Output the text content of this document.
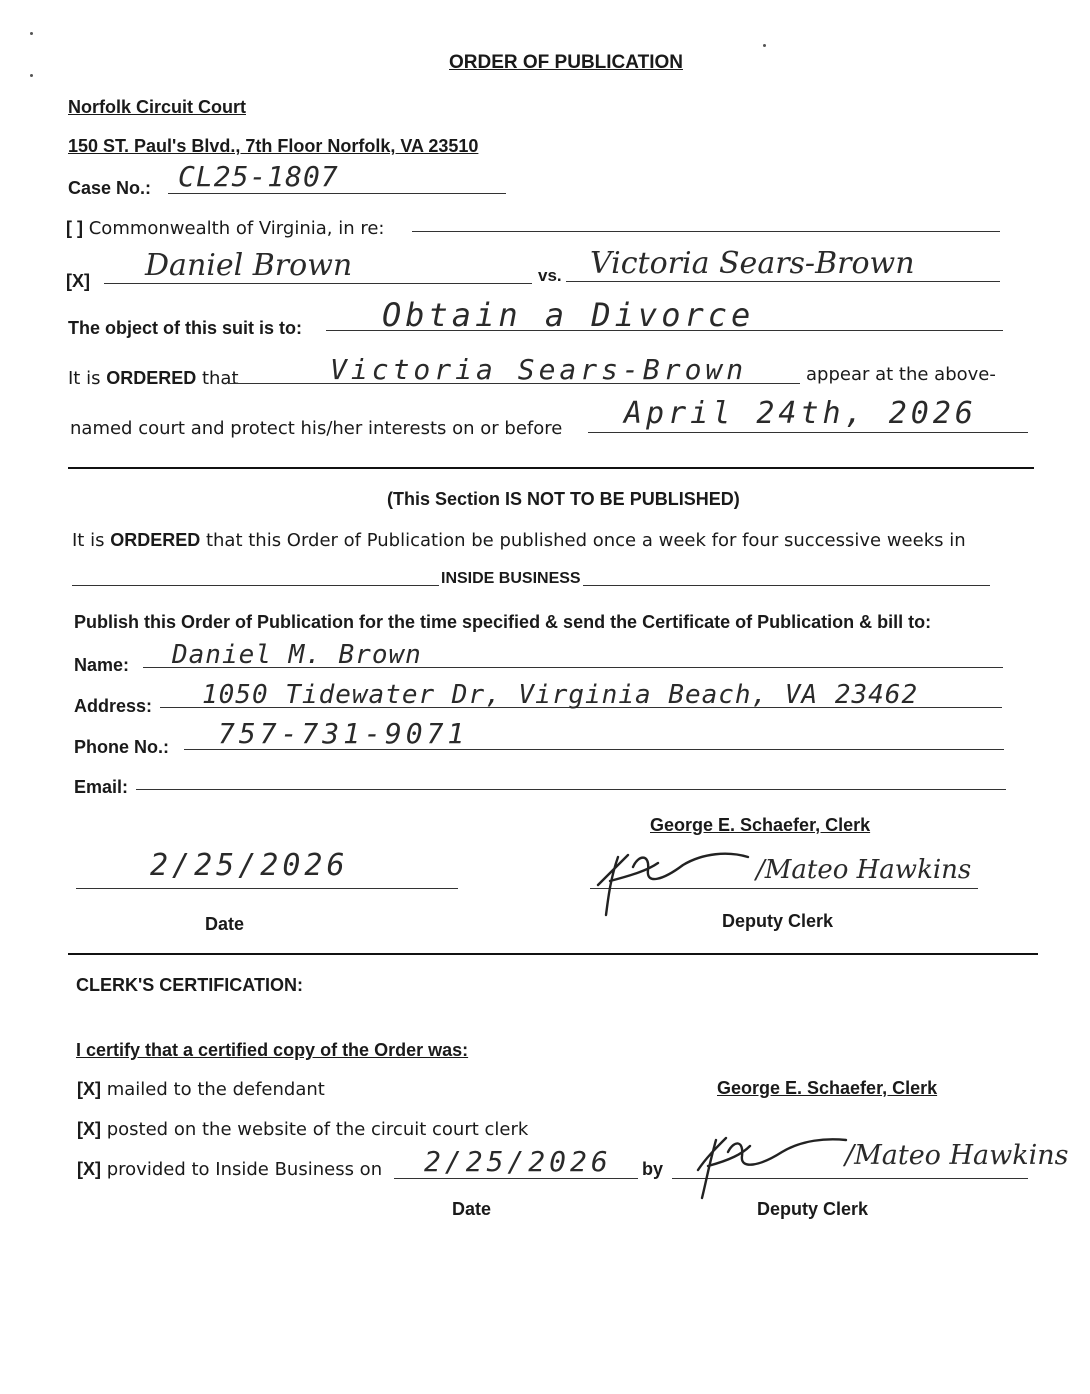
ORDER OF PUBLICATION
Norfolk Circuit Court
150 ST. Paul's Blvd., 7th Floor Norfolk, VA 23510
Case No.: CL25-1807
[ ] Commonwealth of Virginia, in re:
[X] Daniel Brown	vs. Victoria Sears-Brown
The object of this suit is to:	Obtain a Divorce
It is ORDERED that	Victoria Sears-Brown	appear at the above-
named court and protect his/her interests on or before April 24th, 2026
(This Section IS NOT TO BE PUBLISHED)
It is ORDERED that this Order of Publication be published once a week for four successive weeks in
INSIDE BUSINESS
Publish this Order of Publication for the time specified & send the Certificate of Publication & bill to:
Name: Daniel M. Brown
Address: 1050 Tidewater Dr, Virginia Beach, VA 23462
Phone No.: 757-731-9071
Email:
George E. Schaefer, Clerk
2/25/2026
Date
/Mateo Hawkins
Deputy Clerk
CLERK'S CERTIFICATION:
I certify that a certified copy of the Order was:
[X] mailed to the defendant
[X] posted on the website of the circuit court clerk
[X] provided to Inside Business on 2/25/2026 by
Date
George E. Schaefer, Clerk
/Mateo Hawkins
Deputy Clerk
